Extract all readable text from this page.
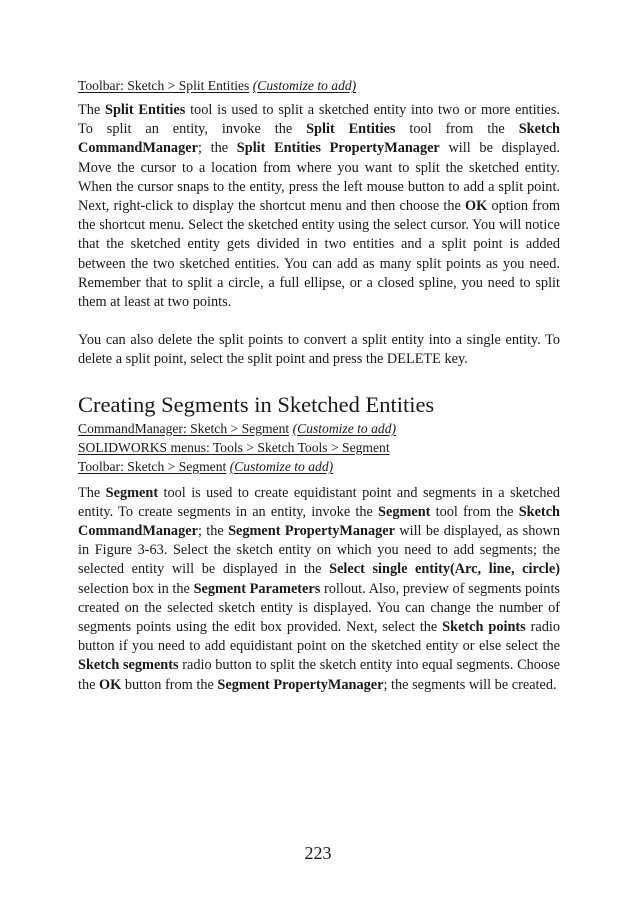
Toolbar: Sketch > Split Entities (Customize to add)

The Split Entities tool is used to split a sketched entity into two or more entities. To split an entity, invoke the Split Entities tool from the Sketch CommandManager; the Split Entities PropertyManager will be displayed. Move the cursor to a location from where you want to split the sketched entity. When the cursor snaps to the entity, press the left mouse button to add a split point. Next, right-click to display the shortcut menu and then choose the OK option from the shortcut menu. Select the sketched entity using the select cursor. You will notice that the sketched entity gets divided in two entities and a split point is added between the two sketched entities. You can add as many split points as you need. Remember that to split a circle, a full ellipse, or a closed spline, you need to split them at least at two points.

You can also delete the split points to convert a split entity into a single entity. To delete a split point, select the split point and press the DELETE key.

Creating Segments in Sketched Entities
CommandManager: Sketch > Segment (Customize to add)
SOLIDWORKS menus: Tools > Sketch Tools > Segment
Toolbar: Sketch > Segment (Customize to add)

The Segment tool is used to create equidistant point and segments in a sketched entity. To create segments in an entity, invoke the Segment tool from the Sketch CommandManager; the Segment PropertyManager will be displayed, as shown in Figure 3-63. Select the sketch entity on which you need to add segments; the selected entity will be displayed in the Select single entity(Arc, line, circle) selection box in the Segment Parameters rollout. Also, preview of segments points created on the selected sketch entity is displayed. You can change the number of segments points using the edit box provided. Next, select the Sketch points radio button if you need to add equidistant point on the sketched entity or else select the Sketch segments radio button to split the sketch entity into equal segments. Choose the OK button from the Segment PropertyManager; the segments will be created.

223
